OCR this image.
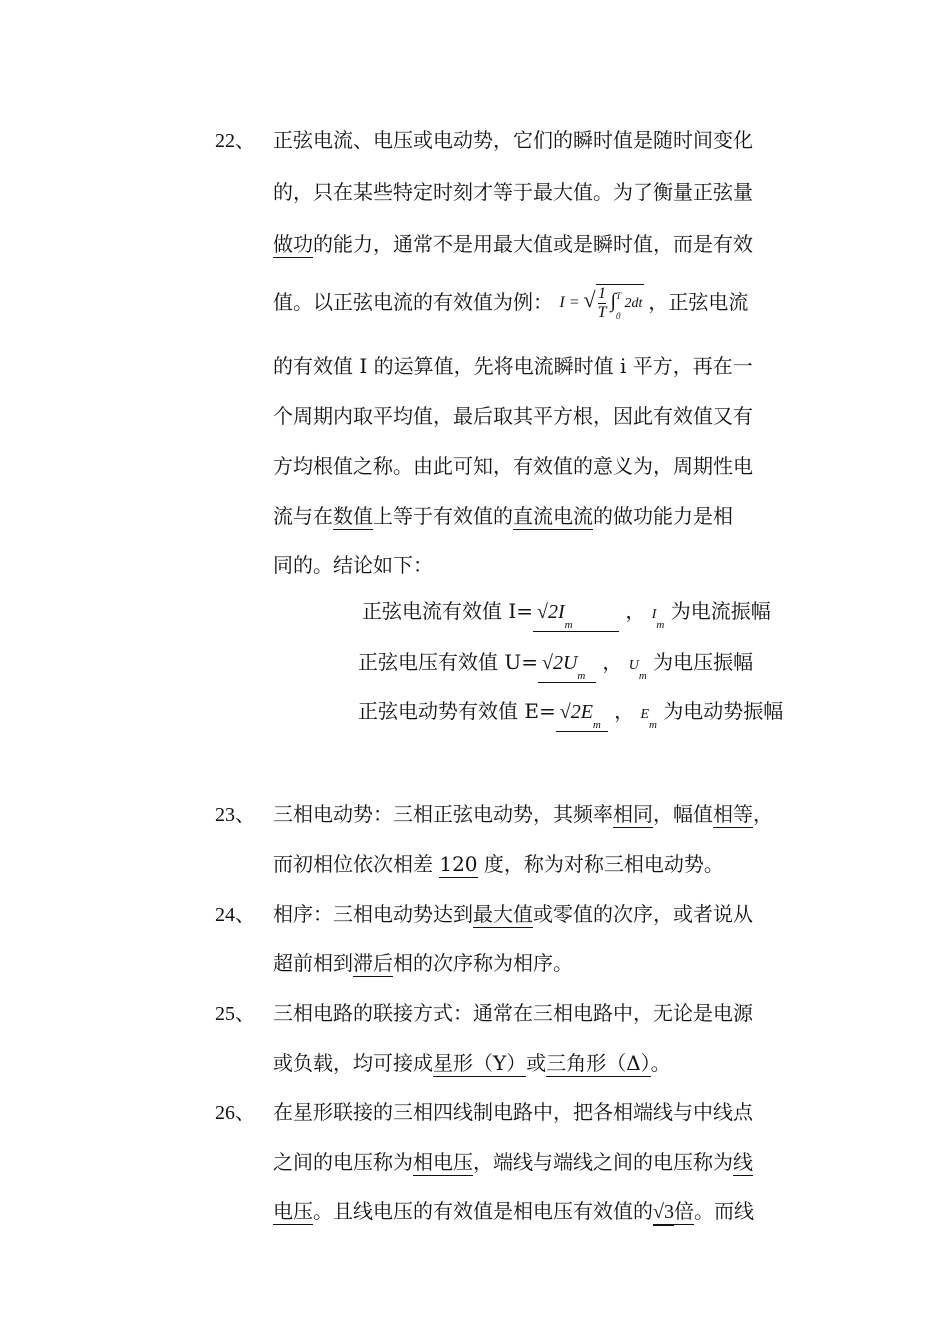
22、 正弦电流、电压或电动势，它们的瞬时值是随时间变化
的，只在某些特定时刻才等于最大值。为了衡量正弦量
做功的能力，通常不是用最大值或是瞬时值，而是有效
值。以正弦电流的有效值为例： I = √ $\frac{1}{T} \int^T_0$ 2dt ，正弦电流
的有效值 I 的运算值，先将电流瞬时值 i 平方，再在一
个周期内取平均值，最后取其平方根，因此有效值又有
方均根值之称。由此可知，有效值的意义为，周期性电
流与在数值上等于有效值的直流电流的做功能力是相
同的。结论如下：
正弦电流有效值 $I= √2I_m$ ， $I_m$ 为电流振幅
正弦电压有效值 $U= √2U_m$ ， $U_m$ 为电压振幅
正弦电动势有效值 $E= √2E_m$ ， $E_m$ 为电动势振幅
23、 三相电动势：三相正弦电动势，其频率相同，幅值相等，
而初相位依次相差 120 度，称为对称三相电动势。
24、 相序：三相电动势达到最大值或零值的次序，或者说从
超前相到滞后相的次序称为相序。
25、 三相电路的联接方式：通常在三相电路中，无论是电源
或负载，均可接成星形（Y）或三角形（Δ）。
26、 在星形联接的三相四线制电路中，把各相端线与中线点
之间的电压称为相电压，端线与端线之间的电压称为线
电压。且线电压的有效值是相电压有效值的√3倍。而线
